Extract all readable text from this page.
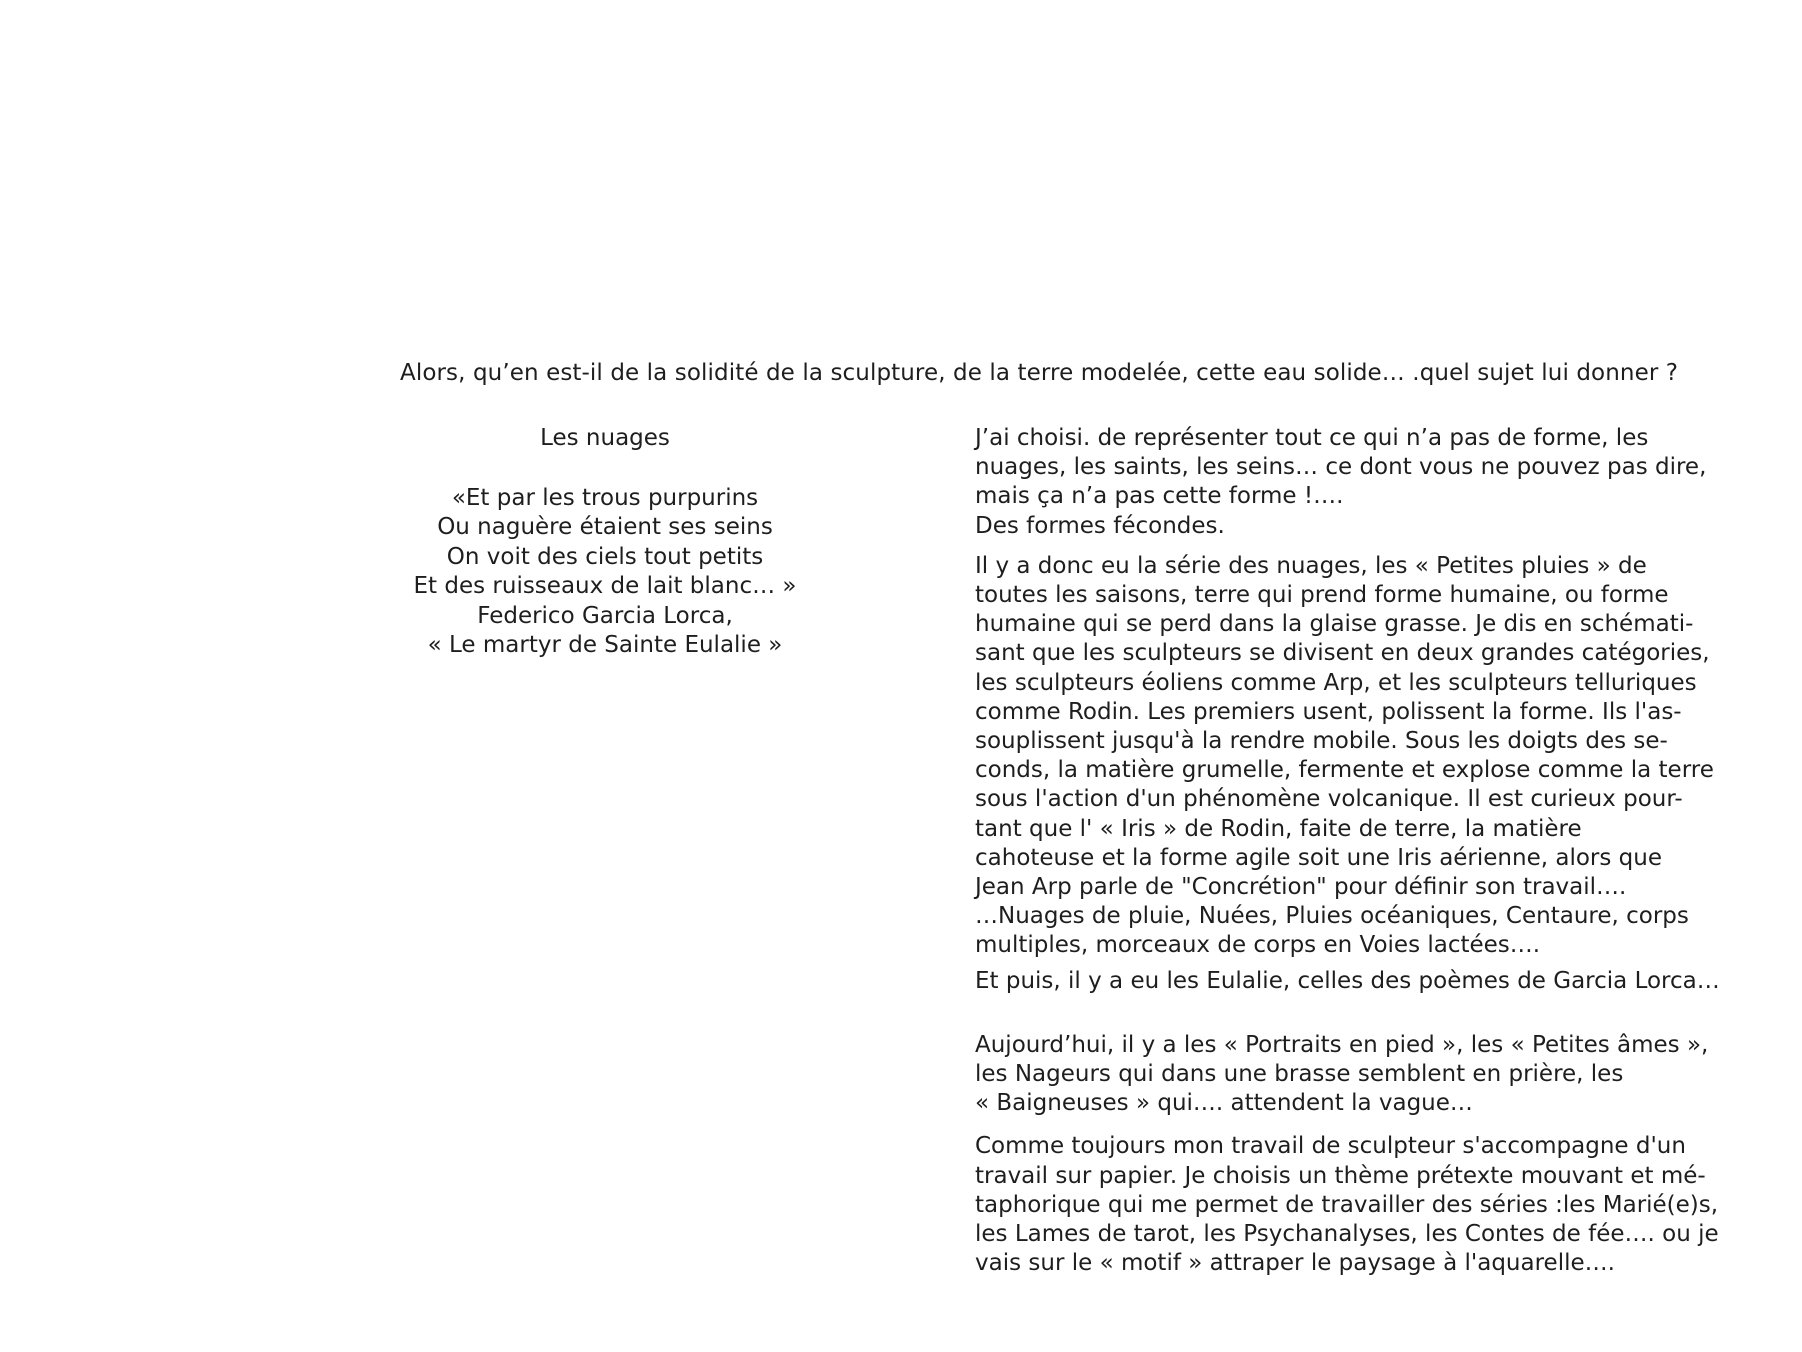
Alors, qu’en est-il de la solidité de la sculpture, de la terre modelée, cette eau solide… .quel sujet lui donner ?
Les nuages
«Et par les trous purpurins
Ou naguère étaient ses seins
On voit des ciels tout petits
Et des ruisseaux de lait blanc… »
Federico Garcia Lorca,
« Le martyr de Sainte Eulalie »
J’ai choisi. de représenter tout ce qui n’a pas de forme, les
nuages, les saints, les seins… ce dont vous ne pouvez pas dire,
mais ça n’a pas cette forme !….
Des formes fécondes.
Il y a donc eu la série des nuages, les « Petites pluies » de
toutes les saisons, terre qui prend forme humaine, ou forme
humaine qui se perd dans la glaise grasse. Je dis en schémati-
sant que les sculpteurs se divisent en deux grandes catégories,
les sculpteurs éoliens comme Arp, et les sculpteurs telluriques
comme Rodin. Les premiers usent, polissent la forme. Ils l'as-
souplissent jusqu'à la rendre mobile. Sous les doigts des se-
conds, la matière grumelle, fermente et explose comme la terre
sous l'action d'un phénomène volcanique. Il est curieux pour-
tant que l' « Iris » de Rodin, faite de terre, la matière
cahoteuse et la forme agile soit une Iris aérienne, alors que
Jean Arp parle de "Concrétion" pour définir son travail….
…Nuages de pluie, Nuées, Pluies océaniques, Centaure, corps
multiples, morceaux de corps en Voies lactées….
Et puis, il y a eu les Eulalie, celles des poèmes de Garcia Lorca…
Aujourd’hui, il y a les « Portraits en pied », les « Petites âmes »,
les Nageurs qui dans une brasse semblent en prière, les
« Baigneuses » qui…. attendent la vague…
Comme toujours mon travail de sculpteur s'accompagne d'un
travail sur papier. Je choisis un thème prétexte mouvant et mé-
taphorique qui me permet de travailler des séries :les Marié(e)s,
les Lames de tarot, les Psychanalyses, les Contes de fée…. ou je
vais sur le « motif » attraper le paysage à l'aquarelle….
